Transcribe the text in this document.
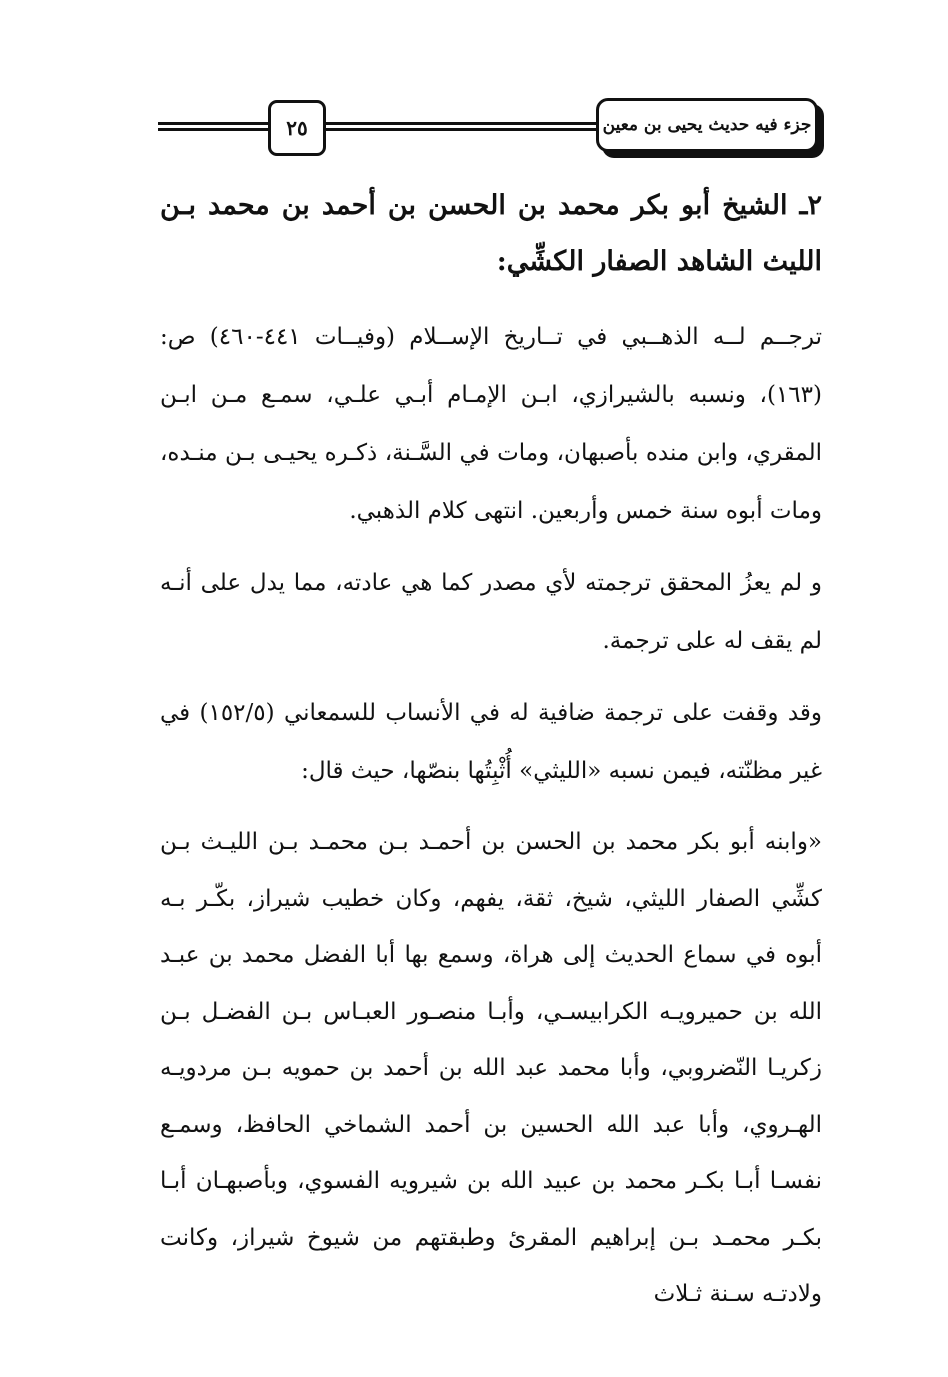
٢٥	جزء فيه حديث يحيى بن معين

٢ـ الشيخ أبو بكر محمد بن الحسن بن أحمد بن محمد بـن الليث الشاهد الصفار الكشِّي:

ترجــم لــه الذهــبي في تــاريخ الإســلام (وفيــات ٤٤١-٤٦٠) ص:(١٦٣)، ونسبه بالشيرازي، ابـن الإمـام أبـي علـي، سمـع مـن ابـن المقري، وابن منده بأصبهان، ومات في السَّـنة، ذكـره يحيـى بـن منـده، ومات أبوه سنة خمس وأربعين. انتهى كلام الذهبي.

و لم يعزُ المحقق ترجمته لأي مصدر كما هي عادته، مما يدل على أنـه لم يقف له على ترجمة.

وقد وقفت على ترجمة ضافية له في الأنساب للسمعاني (١٥٢/٥) في غير مظنّته، فيمن نسبه «الليثي» أُثْبِتُها بنصّها، حيث قال:

«وابنه أبو بكر محمد بن الحسن بن أحمـد بـن محمـد بـن الليـث بـن كشِّي الصفار الليثي، شيخ، ثقة، يفهم، وكان خطيب شيراز، بكّـر بـه أبوه في سماع الحديث إلى هراة، وسمع بها أبا الفضل محمد بن عبـد الله بن حميرويـه الكرابيسـي، وأبـا منصـور العبـاس بـن الفضـل بـن زكريـا النّضروبي، وأبا محمد عبد الله بن أحمد بن حمويه بـن مردويـه الهـروي، وأبا عبد الله الحسين بن أحمد الشماخي الحافظ، وسمـع نفسـا أبـا بكـر محمد بن عبيد الله بن شيرويه الفسوي، وبأصبهـان أبـا بكـر محمـد بـن إبراهيم المقرئ وطبقتهم من شيوخ شيراز، وكانت ولادتـه سـنة ثـلاث
